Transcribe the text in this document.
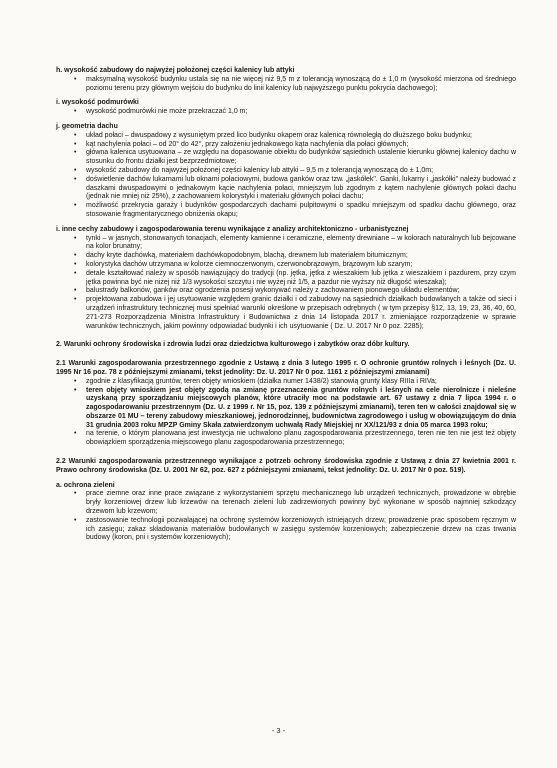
h. wysokość zabudowy do najwyżej położonej części kalenicy lub attyki

• maksymalną wysokość budynku ustala się na nie więcej niż 9,5 m z tolerancją wynoszącą do ± 1,0 m (wysokość mierzona od średniego poziomu terenu przy głównym wejściu do budynku do linii kalenicy lub najwyższego punktu pokrycia dachowego);

i. wysokość podmurówki

• wysokość podmurówki nie może przekraczać 1,0 m;

j. geometria dachu

• układ połaci – dwuspadowy z wysuniętym przed lico budynku okapem oraz kalenicą równoległą do dłuższego boku budynku;
• kąt nachylenia połaci – od 20° do 42°, przy założeniu jednakowego kąta nachylenia dla połaci głównych;
• główna kalenica usytuowana – ze względu na dopasowanie obiektu do budynków sąsiednich ustalenie kierunku głównej kalenicy dachu w stosunku do frontu działki jest bezprzedmiotowe;
• wysokość zabudowy do najwyżej położonej części kalenicy lub attyki – 9,5 m z tolerancją wynoszącą do ± 1,0m;
• doświetlenie dachów lukarnami lub oknami połaciowymi, budowa ganków oraz tzw. „jaskółek". Ganki, lukarny i „jaskółki" należy budować z daszkami dwuspadowymi o jednakowym kącie nachylenia połaci, mniejszym lub zgodnym z kątem nachylenie głównych połaci dachu (jednak nie mniej niż 25%), z zachowaniem kolorystyki i materiału głównych połaci dachu;
• możliwość przekrycia garaży i budynków gospodarczych dachami pulpitowymi o spadku mniejszym od spadku dachu głównego, oraz stosowanie fragmentarycznego obniżenia okapu;

i. inne cechy zabudowy i zagospodarowania terenu wynikające z analizy architektoniczno - urbanistycznej

• tynki – w jasnych, stonowanych tonacjach, elementy kamienne i ceramiczne, elementy drewniane – w kolorach naturalnych lub bejcowane na kolor brunatny;
• dachy kryte dachówką, materiałem dachówkopodobnym, blachą, drewnem lub materiałem bitumicznym;
• kolorystyka dachów utrzymana w kolorze ciemnoczerwonym, czerwonobrązowym, brązowym lub szarym;
• detale kształtować należy w sposób nawiązujący do tradycji (np. jętka, jętka z wieszakiem lub jętka z wieszakiem i pazdurem, przy czym jętka powinna być nie niżej niż 1/3 wysokości szczytu i nie wyżej niż 1/5, a pazdur nie wyższy niż długość wieszaka);
• balustrady balkonów, ganków oraz ogrodzenia posesji wykonywać należy z zachowaniem pionowego układu elementów;
• projektowana zabudowa i jej usytuowanie względem granic działki i od zabudowy na sąsiednich działkach budowlanych a także od sieci i urządzeń infrastruktury technicznej musi spełniać warunki określone w przepisach odrębnych ( w tym przepisy §12, 13, 19, 23, 36, 40, 60, 271-273 Rozporządzenia Ministra Infrastruktury i Budownictwa z dnia 14 listopada 2017 r. zmieniające rozporządzenie w sprawie warunków technicznych, jakim powinny odpowiadać budynki i ich usytuowanie ( Dz. U. 2017 Nr 0 poz. 2285);

2. Warunki ochrony środowiska i zdrowia ludzi oraz dziedzictwa kulturowego i zabytków oraz dóbr kultury.

2.1 Warunki zagospodarowania przestrzennego zgodnie z Ustawą z dnia 3 lutego 1995 r. O ochronie gruntów rolnych i leśnych (Dz. U. 1995 Nr 16 poz. 78 z późniejszymi zmianami, tekst jednolity: Dz. U. 2017 Nr 0 poz. 1161 z późniejszymi zmianami)

• zgodnie z klasyfikacją gruntów, teren objęty wnioskiem (działka numer 1438/2) stanowią grunty klasy RIIIa i RIVa;
• teren objęty wnioskiem jest objęty zgodą na zmianę przeznaczenia gruntów rolnych i leśnych na cele nierolnicze i nieleśne uzyskaną przy sporządzaniu miejscowych planów, które utraciły moc na podstawie art. 67 ustawy z dnia 7 lipca 1994 r. o zagospodarowaniu przestrzennym (Dz. U. z 1999 r. Nr 15, poz. 139 z późniejszymi zmianami), teren ten w całości znajdował się w obszarze 01 MU – tereny zabudowy mieszkaniowej, jednorodzinnej, budownictwa zagrodowego i usług w obowiązującym do dnia 31 grudnia 2003 roku MPZP Gminy Skała zatwierdzonym uchwałą Rady Miejskiej nr XX/121/93 z dnia 05 marca 1993 roku;
• na terenie, o którym planowana jest inwestycja nie uchwalono planu zagospodarowania przestrzennego, teren nie ten nie jest też objęty obowiązkiem sporządzenia miejscowego planu zagospodarowania przestrzennego;

2.2 Warunki zagospodarowania przestrzennego wynikające z potrzeb ochrony środowiska zgodnie z Ustawą z dnia 27 kwietnia 2001 r. Prawo ochrony środowiska (Dz. U. 2001 Nr 62, poz. 627 z późniejszymi zmianami, tekst jednolity: Dz. U. 2017 Nr 0 poz. 519).

a. ochrona zieleni

• prace ziemne oraz inne prace związane z wykorzystaniem sprzętu mechanicznego lub urządzeń technicznych, prowadzone w obrębie bryły korzeniowej drzew lub krzewów na terenach zieleni lub zadrzewionych powinny być wykonane w sposób najmniej szkodzący drzewom lub krzewom;
• zastosowanie technologii pozwalającej na ochronę systemów korzeniowych istniejących drzew; prowadzenie prac sposobem ręcznym w ich zasięgu; zakaz składowania materiałów budowlanych w zasięgu systemów korzeniowych; zabezpieczenie drzew na czas trwania budowy (koron, pni i systemów korzeniowych);
- 3 -
